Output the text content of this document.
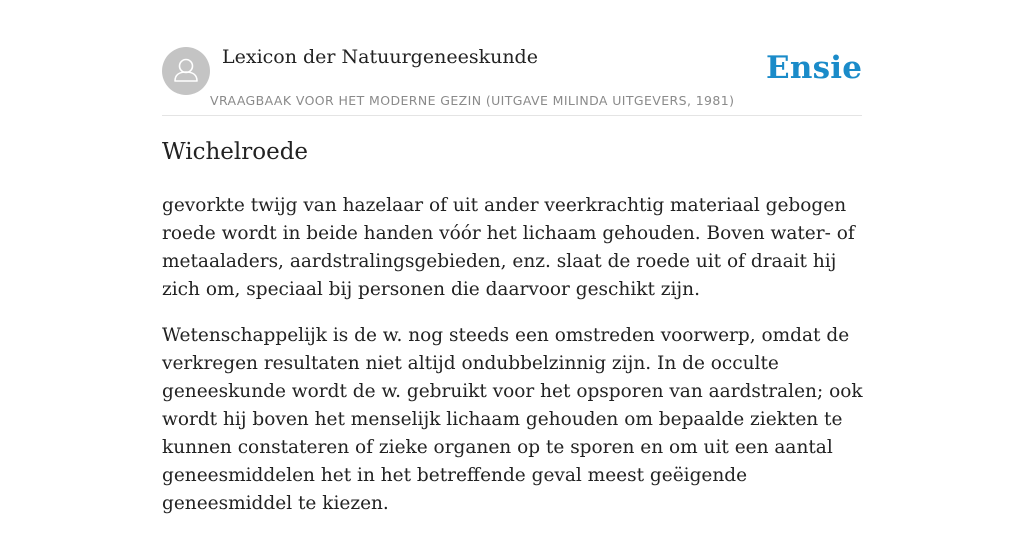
Lexicon der Natuurgeneeskunde
VRAAGBAAK VOOR HET MODERNE GEZIN (UITGAVE MILINDA UITGEVERS, 1981)
Ensie
Wichelroede

gevorkte twijg van hazelaar of uit ander veerkrachtig materiaal gebogen roede wordt in beide handen vóór het lichaam gehouden. Boven water- of metaaladers, aardstralingsgebieden, enz. slaat de roede uit of draait hij zich om, speciaal bij personen die daarvoor geschikt zijn.

Wetenschappelijk is de w. nog steeds een omstreden voorwerp, omdat de verkregen resultaten niet altijd ondubbelzinnig zijn. In de occulte geneeskunde wordt de w. gebruikt voor het opsporen van aardstralen; ook wordt hij boven het menselijk lichaam gehouden om bepaalde ziekten te kunnen constateren of zieke organen op te sporen en om uit een aantal geneesmiddelen het in het betreffende geval meest geëigende geneesmiddel te kiezen.
